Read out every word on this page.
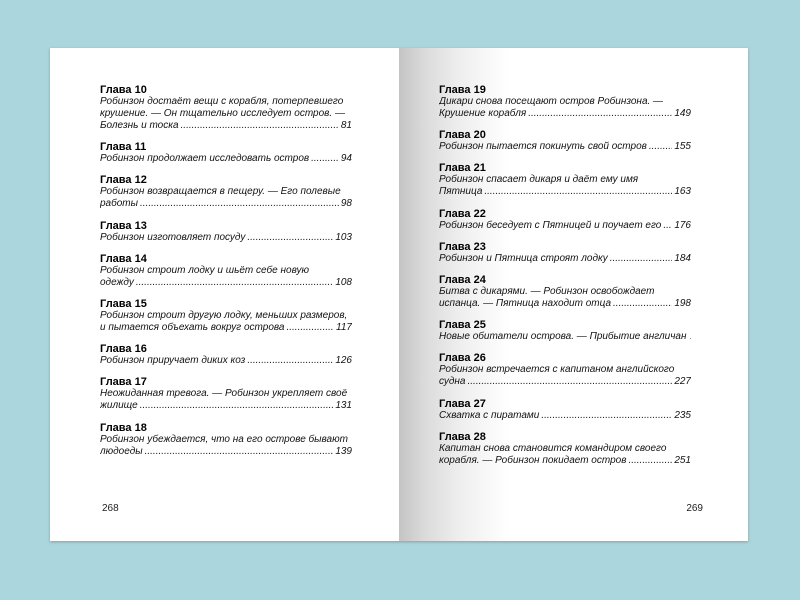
Глава 10
Робинзон достаёт вещи с корабля, потерпевшего
крушение. — Он тщательно исследует остров. —
Болезнь и тоска .....	81
Глава 11
Робинзон продолжает исследовать остров .....	94
Глава 12
Робинзон возвращается в пещеру. — Его полевые
работы .....	98
Глава 13
Робинзон изготовляет посуду .....	103
Глава 14
Робинзон строит лодку и шьёт себе новую
одежду .....	108
Глава 15
Робинзон строит другую лодку, меньших размеров,
и пытается объехать вокруг острова .....	117
Глава 16
Робинзон приручает диких коз .....	126
Глава 17
Неожиданная тревога. — Робинзон укрепляет своё
жилище .....	131
Глава 18
Робинзон убеждается, что на его острове бывают
людоеды .....	139
268
Глава 19
Дикари снова посещают остров Робинзона. —
Крушение корабля .....	149
Глава 20
Робинзон пытается покинуть свой остров .....	155
Глава 21
Робинзон спасает дикаря и даёт ему имя
Пятница .....	163
Глава 22
Робинзон беседует с Пятницей и поучает его ..... 176
Глава 23
Робинзон и Пятница строят лодку .....	184
Глава 24
Битва с дикарями. — Робинзон освобождает
испанца. — Пятница находит отца .....	198
Глава 25
Новые обитатели острова. — Прибытие англичан
Глава 26
Робинзон встречается с капитаном английского
судна .....	227
Глава 27
Схватка с пиратами .....	235
Глава 28
Капитан снова становится командиром своего
корабля. — Робинзон покидает остров .....	251
269
